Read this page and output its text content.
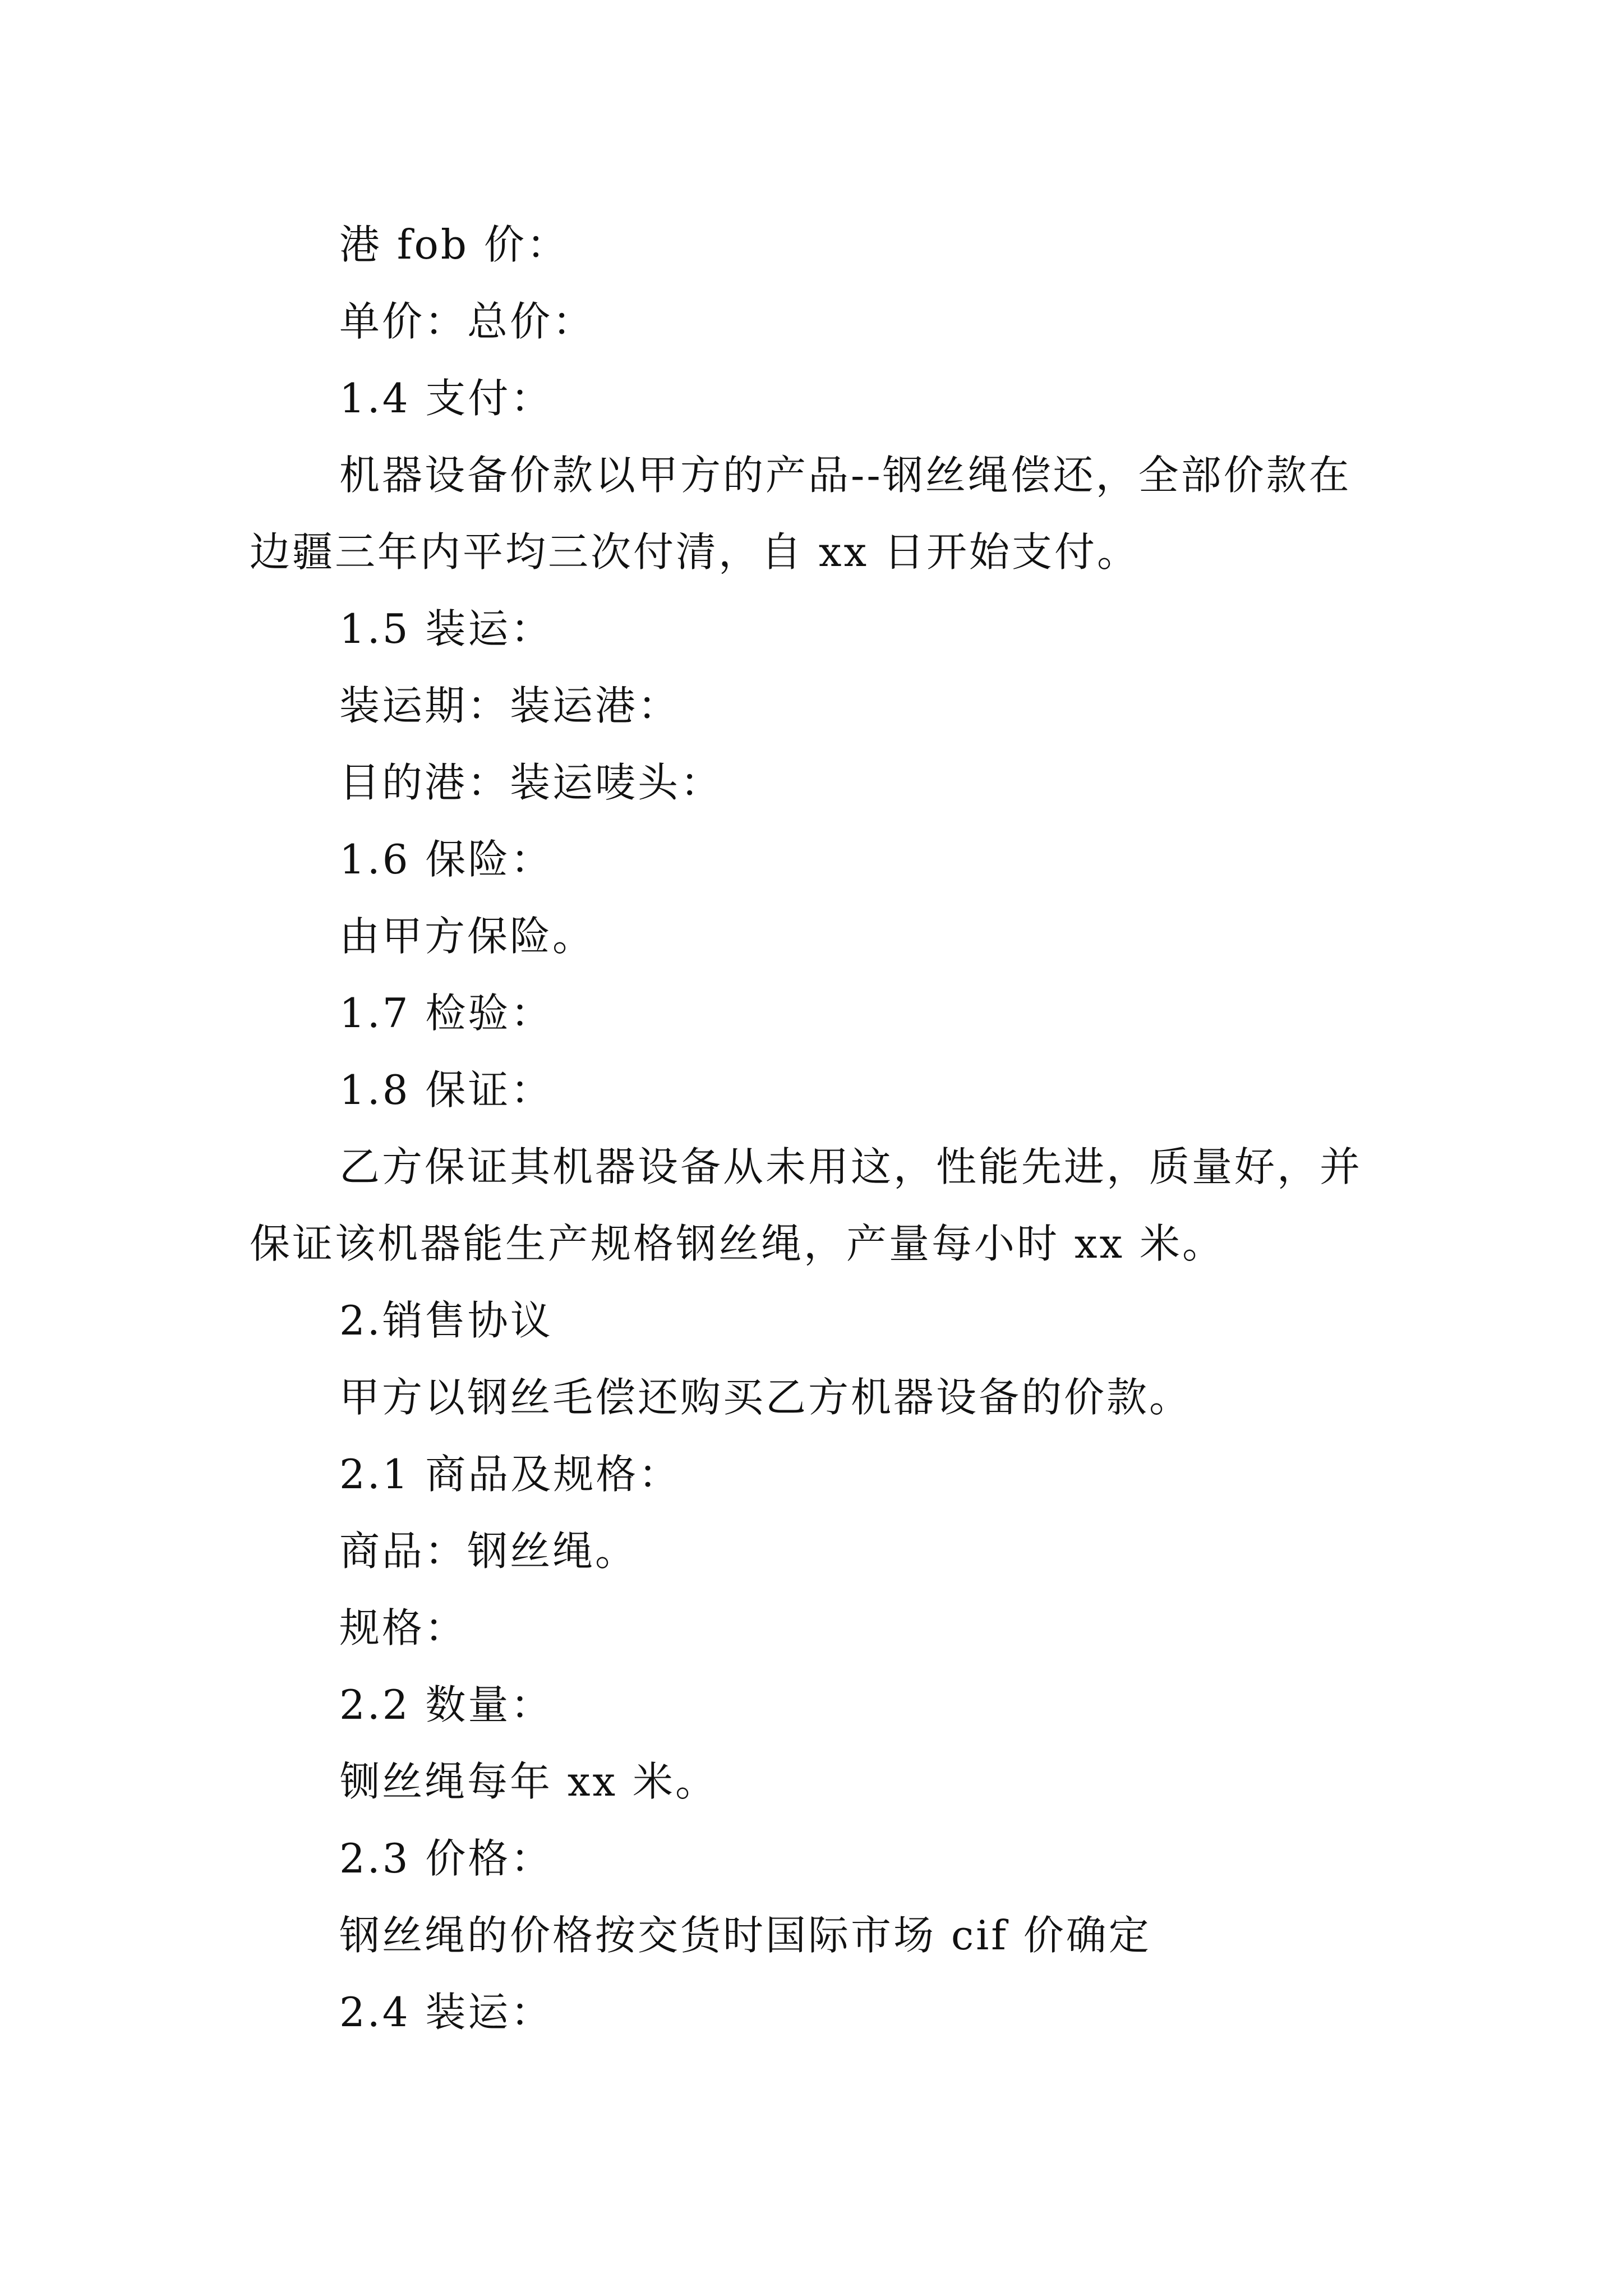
港 fob 价：

单价：总价：

1.4 支付：

机器设备价款以甲方的产品--钢丝绳偿还，全部价款在边疆三年内平均三次付清，自 xx 日开始支付。

1.5 装运：

装运期：装运港：

目的港：装运唛头：

1.6 保险：

由甲方保险。

1.7 检验：

1.8 保证：

乙方保证其机器设备从未用这，性能先进，质量好，并保证该机器能生产规格钢丝绳，产量每小时 xx 米。

2.销售协议

甲方以钢丝毛偿还购买乙方机器设备的价款。

2.1 商品及规格：

商品：钢丝绳。

规格：

2.2 数量：

铡丝绳每年 xx 米。

2.3 价格：

钢丝绳的价格按交货时国际市场 cif 价确定

2.4 装运：
